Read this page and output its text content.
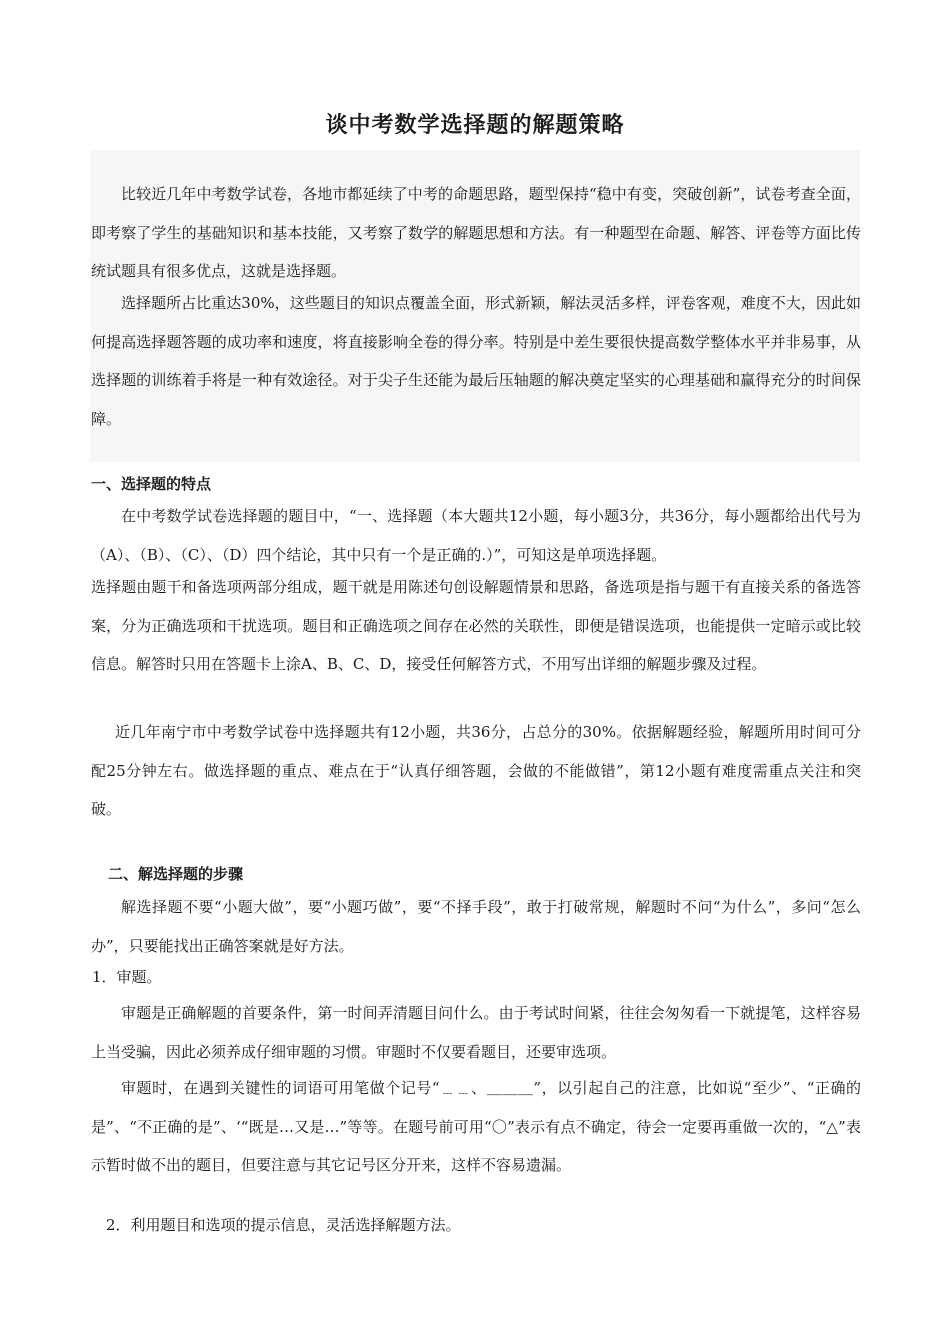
谈中考数学选择题的解题策略

比较近几年中考数学试卷，各地市都延续了中考的命题思路，题型保持“稳中有变，突破创新”，试卷考查全面，即考察了学生的基础知识和基本技能，又考察了数学的解题思想和方法。有一种题型在命题、解答、评卷等方面比传统试题具有很多优点，这就是选择题。

选择题所占比重达30%，这些题目的知识点覆盖全面，形式新颖，解法灵活多样，评卷客观，难度不大，因此如何提高选择题答题的成功率和速度，将直接影响全卷的得分率。特别是中差生要很快提高数学整体水平并非易事，从选择题的训练着手将是一种有效途径。对于尖子生还能为最后压轴题的解决奠定坚实的心理基础和赢得充分的时间保障。

一、选择题的特点

在中考数学试卷选择题的题目中，“一、选择题（本大题共12小题，每小题3分，共36分，每小题都给出代号为（A）、（B）、（C）、（D）四个结论，其中只有一个是正确的.）”，可知这是单项选择题。

选择题由题干和备选项两部分组成，题干就是用陈述句创设解题情景和思路，备选项是指与题干有直接关系的备选答案，分为正确选项和干扰选项。题目和正确选项之间存在必然的关联性，即便是错误选项，也能提供一定暗示或比较信息。解答时只用在答题卡上涂A、B、C、D，接受任何解答方式，不用写出详细的解题步骤及过程。

近几年南宁市中考数学试卷中选择题共有12小题，共36分，占总分的30%。依据解题经验，解题所用时间可分配25分钟左右。做选择题的重点、难点在于“认真仔细答题，会做的不能做错”，第12小题有难度需重点关注和突破。

二、解选择题的步骤

解选择题不要“小题大做”，要“小题巧做”，要“不择手段”，敢于打破常规，解题时不问“为什么”，多问“怎么办”，只要能找出正确答案就是好方法。

1．审题。

审题是正确解题的首要条件，第一时间弄清题目问什么。由于考试时间紧，往往会匆匆看一下就提笔，这样容易上当受骗，因此必须养成仔细审题的习惯。审题时不仅要看题目，还要审选项。

审题时，在遇到关键性的词语可用笔做个记号“﹍﹍、＿＿＿”，以引起自己的注意，比如说“至少”、“正确的是”、“不正确的是”、‘“既是…又是…”等等。在题号前可用“〇”表示有点不确定，待会一定要再重做一次的，“△”表示暂时做不出的题目，但要注意与其它记号区分开来，这样不容易遗漏。

2．利用题目和选项的提示信息，灵活选择解题方法。
